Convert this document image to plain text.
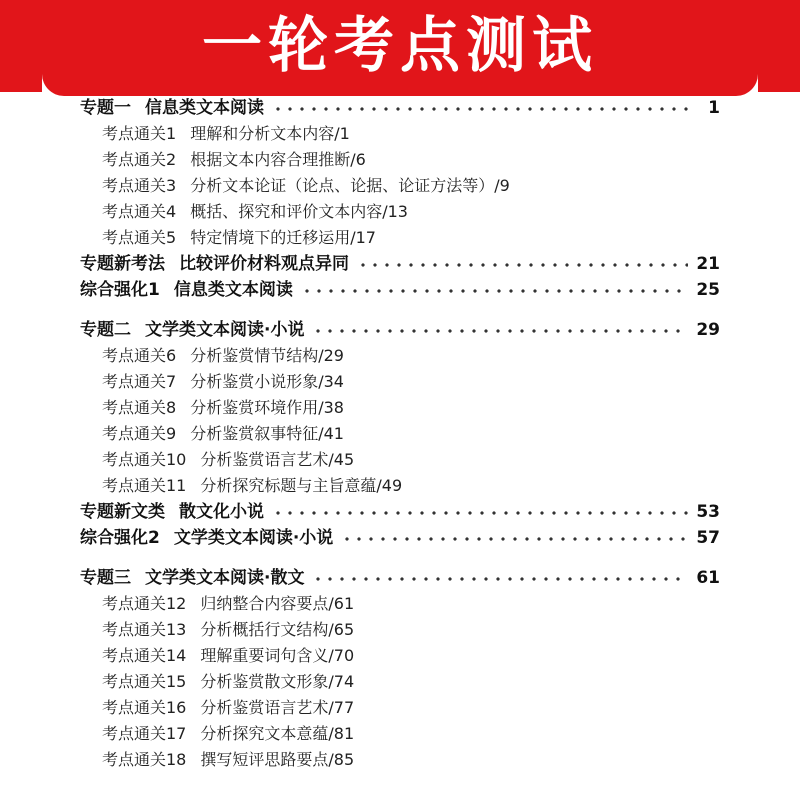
一轮考点测试
专题一 信息类文本阅读	1
考点通关1 理解和分析文本内容/1
考点通关2 根据文本内容合理推断/6
考点通关3 分析文本论证（论点、论据、论证方法等）/9
考点通关4 概括、探究和评价文本内容/13
考点通关5 特定情境下的迁移运用/17
专题新考法 比较评价材料观点异同	21
综合强化1 信息类文本阅读	25
专题二 文学类文本阅读·小说	29
考点通关6 分析鉴赏情节结构/29
考点通关7 分析鉴赏小说形象/34
考点通关8 分析鉴赏环境作用/38
考点通关9 分析鉴赏叙事特征/41
考点通关10 分析鉴赏语言艺术/45
考点通关11 分析探究标题与主旨意蕴/49
专题新文类 散文化小说	53
综合强化2 文学类文本阅读·小说	57
专题三 文学类文本阅读·散文	61
考点通关12 归纳整合内容要点/61
考点通关13 分析概括行文结构/65
考点通关14 理解重要词句含义/70
考点通关15 分析鉴赏散文形象/74
考点通关16 分析鉴赏语言艺术/77
考点通关17 分析探究文本意蕴/81
考点通关18 撰写短评思路要点/85
